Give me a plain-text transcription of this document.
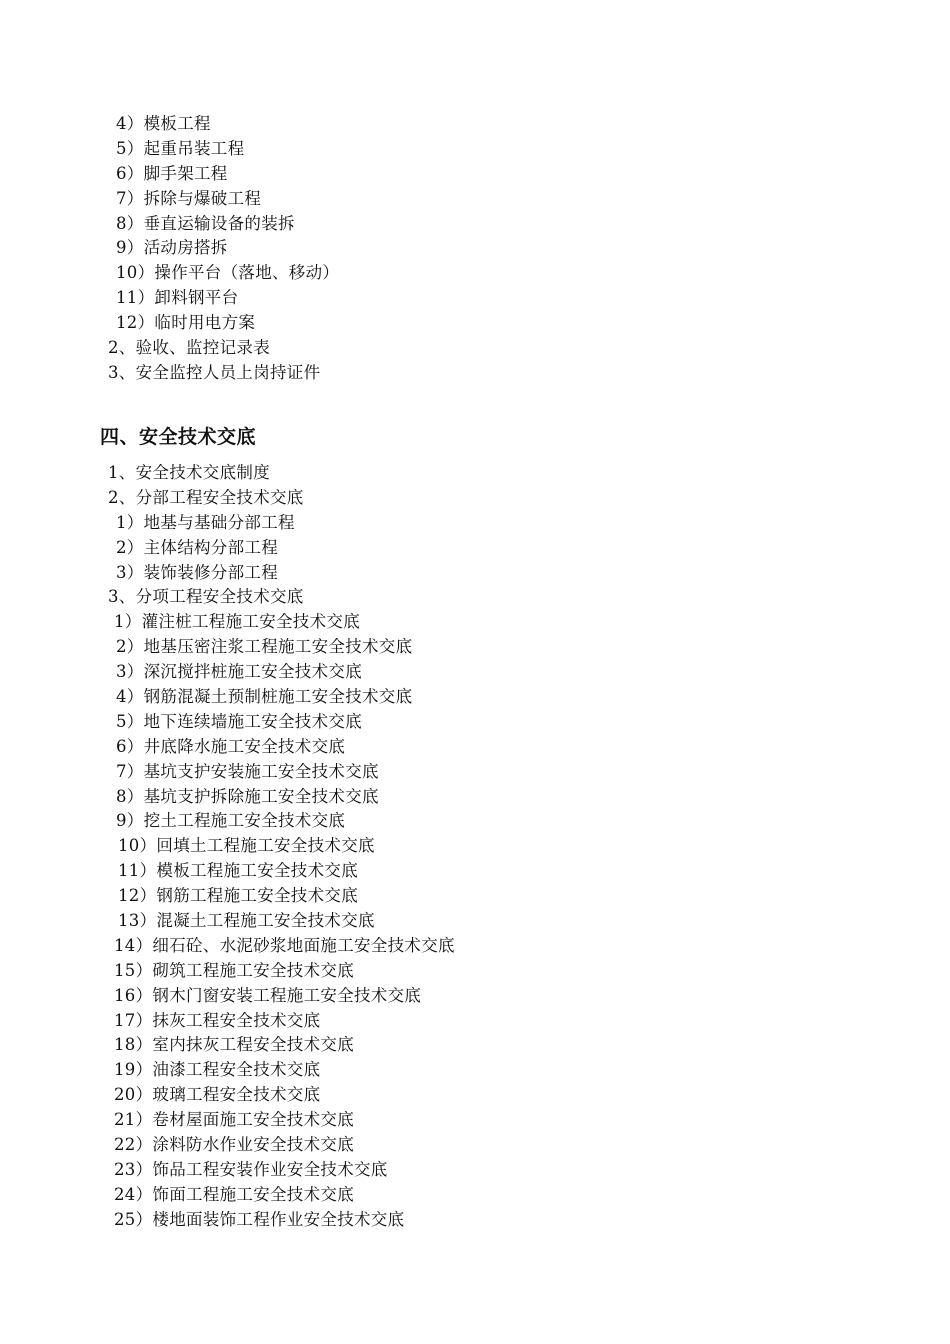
4）模板工程
5）起重吊装工程
6）脚手架工程
7）拆除与爆破工程
8）垂直运输设备的装拆
9）活动房搭拆
10）操作平台（落地、移动）
11）卸料钢平台
12）临时用电方案
2、验收、监控记录表
3、安全监控人员上岗持证件
四、安全技术交底
1、安全技术交底制度
2、分部工程安全技术交底
1）地基与基础分部工程
2）主体结构分部工程
3）装饰装修分部工程
3、分项工程安全技术交底
1）灌注桩工程施工安全技术交底
2）地基压密注浆工程施工安全技术交底
3）深沉搅拌桩施工安全技术交底
4）钢筋混凝土预制桩施工安全技术交底
5）地下连续墙施工安全技术交底
6）井底降水施工安全技术交底
7）基坑支护安装施工安全技术交底
8）基坑支护拆除施工安全技术交底
9）挖土工程施工安全技术交底
10）回填土工程施工安全技术交底
11）模板工程施工安全技术交底
12）钢筋工程施工安全技术交底
13）混凝土工程施工安全技术交底
14）细石砼、水泥砂浆地面施工安全技术交底
15）砌筑工程施工安全技术交底
16）钢木门窗安装工程施工安全技术交底
17）抹灰工程安全技术交底
18）室内抹灰工程安全技术交底
19）油漆工程安全技术交底
20）玻璃工程安全技术交底
21）卷材屋面施工安全技术交底
22）涂料防水作业安全技术交底
23）饰品工程安装作业安全技术交底
24）饰面工程施工安全技术交底
25）楼地面装饰工程作业安全技术交底
